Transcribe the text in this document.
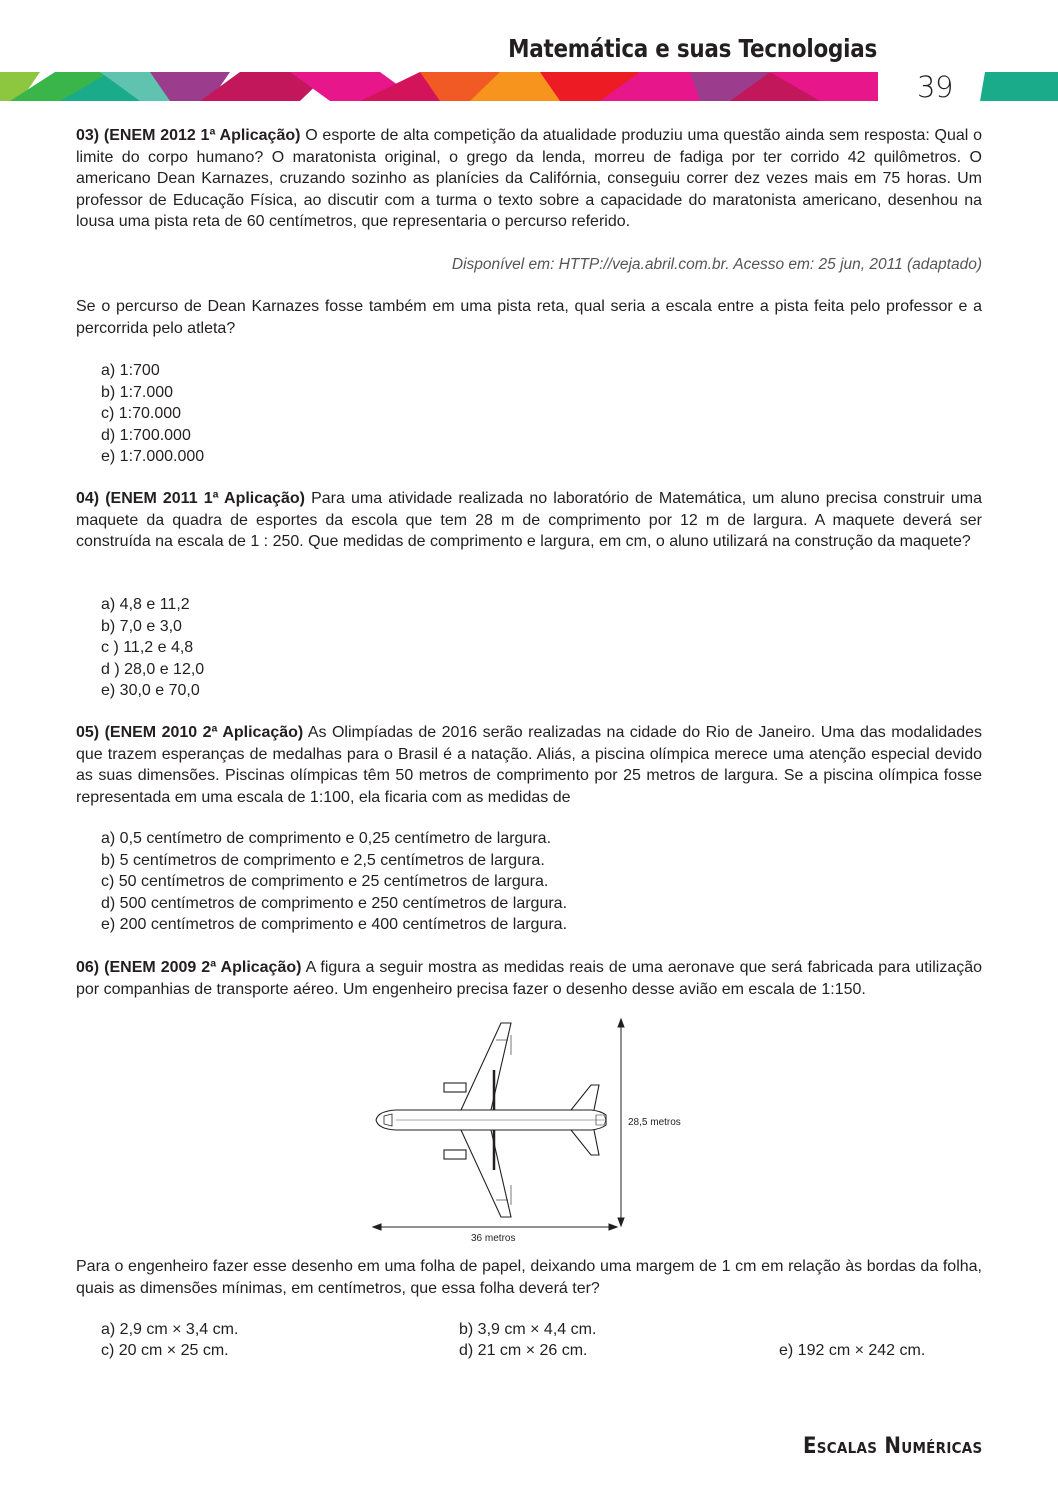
Matemática e suas Tecnologias
39

03) (ENEM 2012 1ª Aplicação) O esporte de alta competição da atualidade produziu uma questão ainda sem resposta: Qual o limite do corpo humano? O maratonista original, o grego da lenda, morreu de fadiga por ter corrido 42 quilômetros. O americano Dean Karnazes, cruzando sozinho as planícies da Califórnia, conseguiu correr dez vezes mais em 75 horas. Um professor de Educação Física, ao discutir com a turma o texto sobre a capacidade do maratonista americano, desenhou na lousa uma pista reta de 60 centímetros, que representaria o percurso referido.

Disponível em: HTTP://veja.abril.com.br. Acesso em: 25 jun, 2011 (adaptado)

Se o percurso de Dean Karnazes fosse também em uma pista reta, qual seria a escala entre a pista feita pelo professor e a percorrida pelo atleta?

a) 1:700
b) 1:7.000
c) 1:70.000
d) 1:700.000
e) 1:7.000.000

04) (ENEM 2011 1ª Aplicação) Para uma atividade realizada no laboratório de Matemática, um aluno precisa construir uma maquete da quadra de esportes da escola que tem 28 m de comprimento por 12 m de largura. A maquete deverá ser construída na escala de 1 : 250. Que medidas de comprimento e largura, em cm, o aluno utilizará na construção da maquete?

a) 4,8 e 11,2
b) 7,0 e 3,0
c ) 11,2 e 4,8
d ) 28,0 e 12,0
e) 30,0 e 70,0

05) (ENEM 2010 2ª Aplicação) As Olimpíadas de 2016 serão realizadas na cidade do Rio de Janeiro. Uma das modalidades que trazem esperanças de medalhas para o Brasil é a natação. Aliás, a piscina olímpica merece uma atenção especial devido as suas dimensões. Piscinas olímpicas têm 50 metros de comprimento por 25 metros de largura. Se a piscina olímpica fosse representada em uma escala de 1:100, ela ficaria com as medidas de

a) 0,5 centímetro de comprimento e 0,25 centímetro de largura.
b) 5 centímetros de comprimento e 2,5 centímetros de largura.
c) 50 centímetros de comprimento e 25 centímetros de largura.
d) 500 centímetros de comprimento e 250 centímetros de largura.
e) 200 centímetros de comprimento e 400 centímetros de largura.

06) (ENEM 2009 2ª Aplicação) A figura a seguir mostra as medidas reais de uma aeronave que será fabricada para utilização por companhias de transporte aéreo. Um engenheiro precisa fazer o desenho desse avião em escala de 1:150.

28,5 metros
36 metros

Para o engenheiro fazer esse desenho em uma folha de papel, deixando uma margem de 1 cm em relação às bordas da folha, quais as dimensões mínimas, em centímetros, que essa folha deverá ter?

a) 2,9 cm × 3,4 cm.	b) 3,9 cm × 4,4 cm.
c) 20 cm × 25 cm.	d) 21 cm × 26 cm.	e) 192 cm × 242 cm.
Escalas Numéricas
